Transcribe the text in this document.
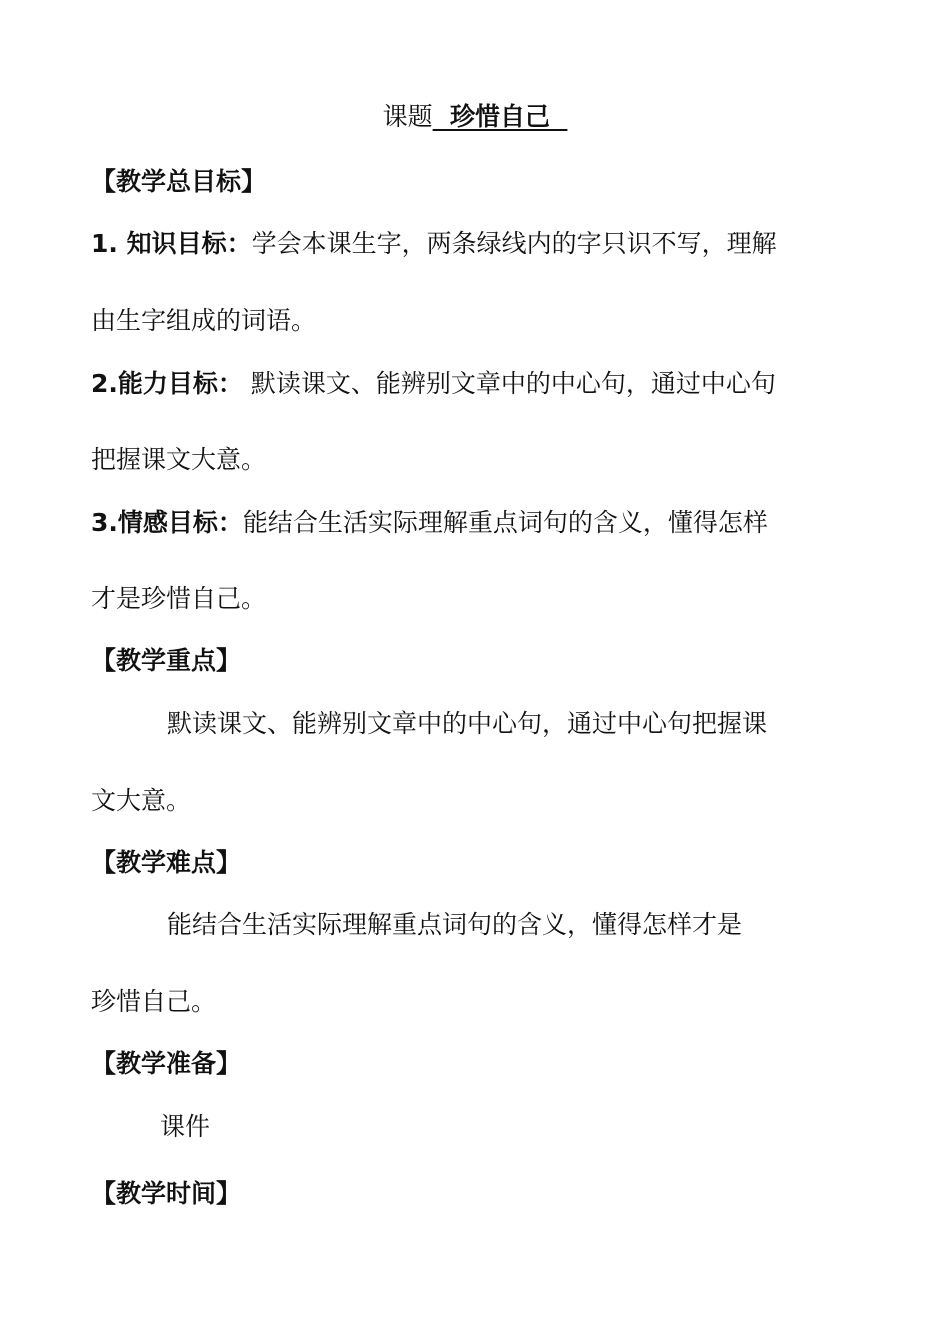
课题  珍惜自己
【教学总目标】
1. 知识目标：学会本课生字，两条绿线内的字只识不写，理解
由生字组成的词语。
2.能力目标： 默读课文、能辨别文章中的中心句，通过中心句
把握课文大意。
3.情感目标：能结合生活实际理解重点词句的含义，懂得怎样
才是珍惜自己。
【教学重点】
默读课文、能辨别文章中的中心句，通过中心句把握课
文大意。
【教学难点】
能结合生活实际理解重点词句的含义，懂得怎样才是
珍惜自己。
【教学准备】
课件
【教学时间】
